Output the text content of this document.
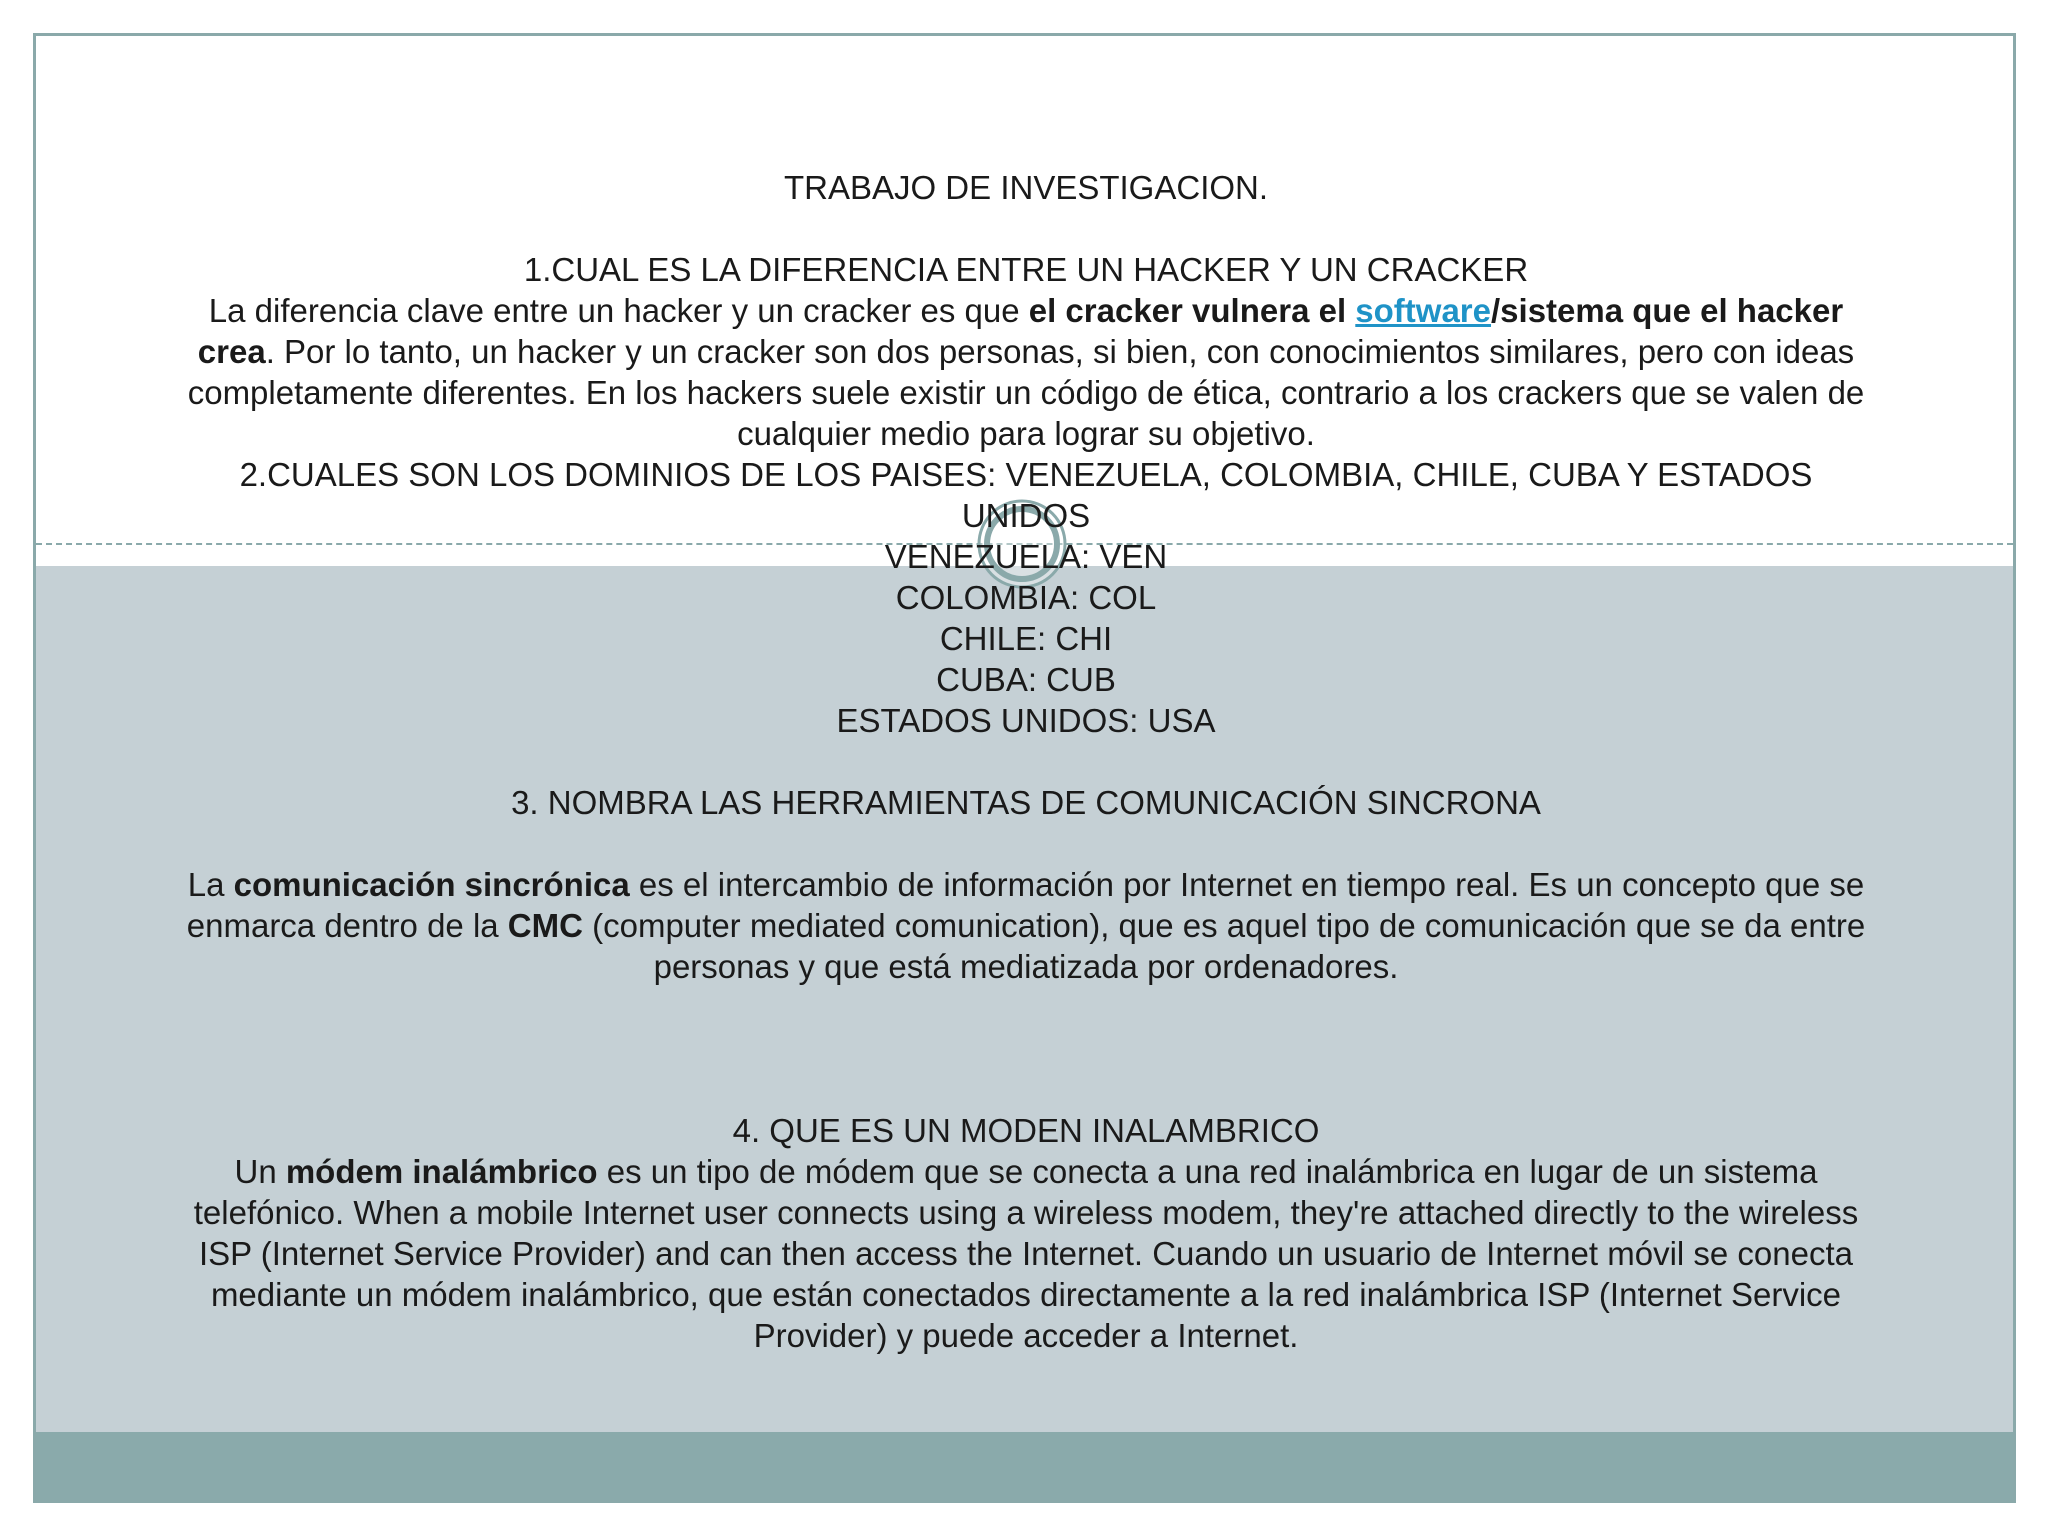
TRABAJO DE INVESTIGACION.

1.CUAL ES LA DIFERENCIA ENTRE UN HACKER Y UN CRACKER

La diferencia clave entre un hacker y un cracker es que el cracker vulnera el software/sistema que el hacker crea. Por lo tanto, un hacker y un cracker son dos personas, si bien, con conocimientos similares, pero con ideas completamente diferentes. En los hackers suele existir un código de ética, contrario a los crackers que se valen de cualquier medio para lograr su objetivo.

2.CUALES SON LOS DOMINIOS DE LOS PAISES: VENEZUELA, COLOMBIA, CHILE, CUBA Y ESTADOS UNIDOS

VENEZUELA: VEN

COLOMBIA: COL

CHILE: CHI

CUBA: CUB

ESTADOS UNIDOS: USA

3. NOMBRA LAS HERRAMIENTAS DE COMUNICACIÓN SINCRONA

La comunicación sincrónica es el intercambio de información por Internet en tiempo real. Es un concepto que se enmarca dentro de la CMC (computer mediated comunication), que es aquel tipo de comunicación que se da entre personas y que está mediatizada por ordenadores.

4. QUE ES UN MODEN INALAMBRICO

Un módem inalámbrico es un tipo de módem que se conecta a una red inalámbrica en lugar de un sistema telefónico. When a mobile Internet user connects using a wireless modem, they're attached directly to the wireless ISP (Internet Service Provider) and can then access the Internet. Cuando un usuario de Internet móvil se conecta mediante un módem inalámbrico, que están conectados directamente a la red inalámbrica ISP (Internet Service Provider) y puede acceder a Internet.
